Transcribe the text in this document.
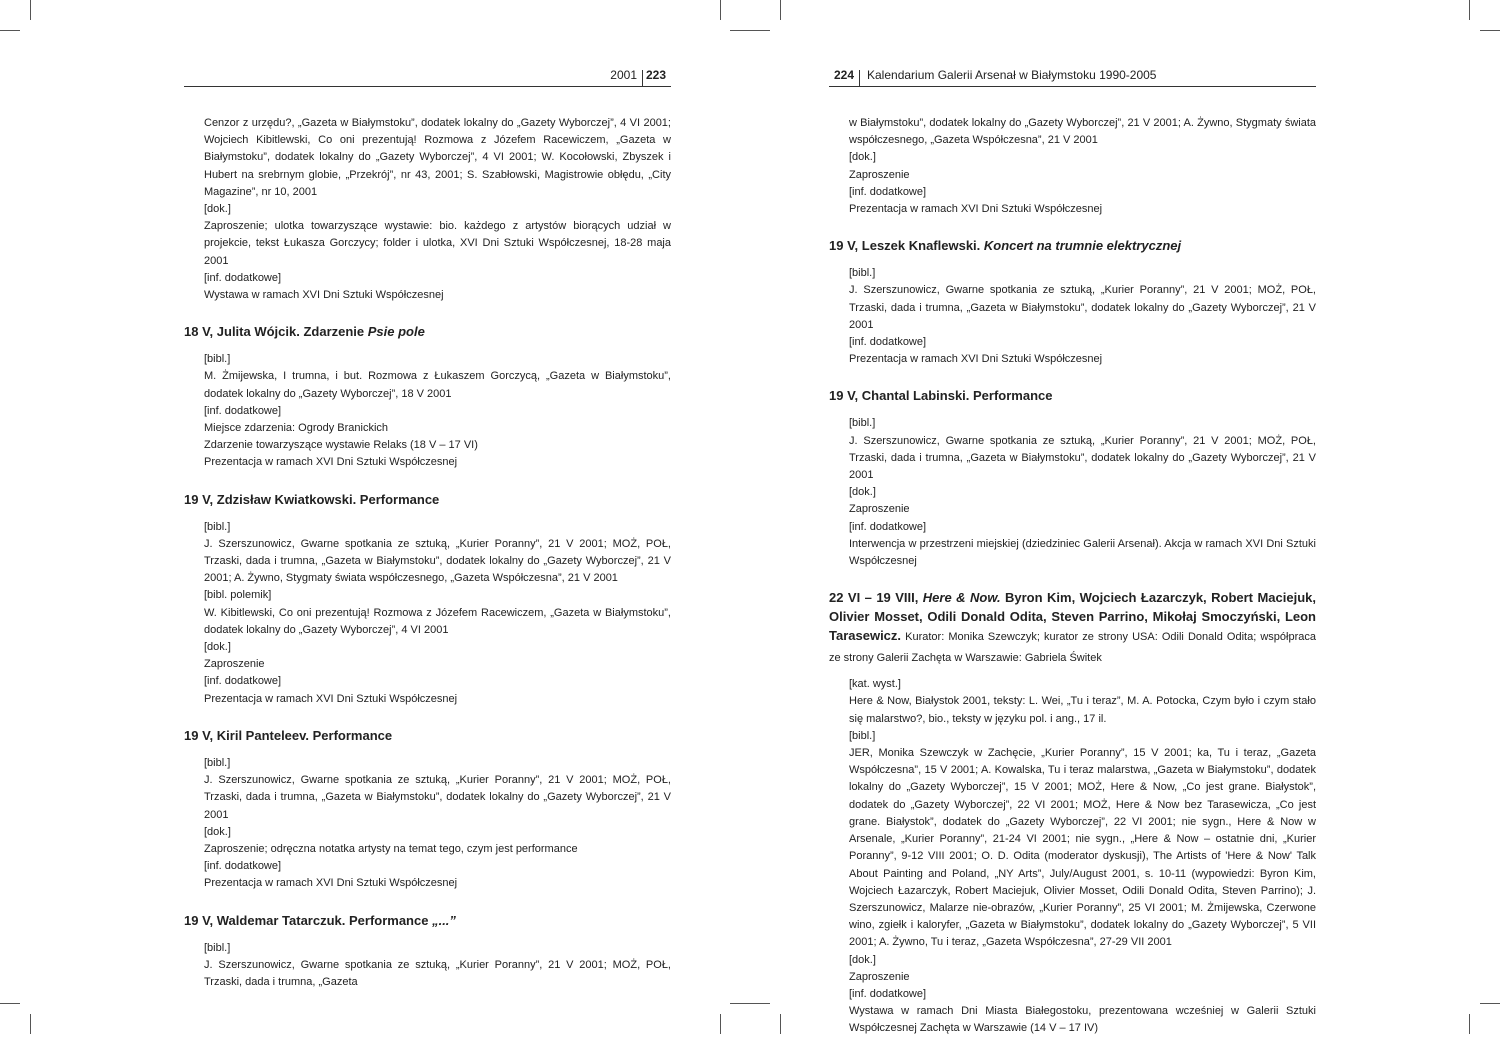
2001 223
Cenzor z urzędu?, „Gazeta w Białymstoku”, dodatek lokalny do „Gazety Wyborczej”, 4 VI 2001; Wojciech Kibitlewski, Co oni prezentują! Rozmowa z Józefem Racewiczem, „Gazeta w Białymstoku”, dodatek lokalny do „Gazety Wyborczej”, 4 VI 2001; W. Kocołowski, Zbyszek i Hubert na srebrnym globie, „Przekrój”, nr 43, 2001; S. Szabłowski, Magistrowie obłędu, „City Magazine”, nr 10, 2001
[dok.]
Zaproszenie; ulotka towarzyszące wystawie: bio. każdego z artystów biorących udział w projekcie, tekst Łukasza Gorczycy; folder i ulotka, XVI Dni Sztuki Współczesnej, 18-28 maja 2001
[inf. dodatkowe]
Wystawa w ramach XVI Dni Sztuki Współczesnej
18 V, Julita Wójcik. Zdarzenie Psie pole
[bibl.]
M. Żmijewska, I trumna, i but. Rozmowa z Łukaszem Gorczycą, „Gazeta w Białymstoku”, dodatek lokalny do „Gazety Wyborczej”, 18 V 2001
[inf. dodatkowe]
Miejsce zdarzenia: Ogrody Branickich
Zdarzenie towarzyszące wystawie Relaks (18 V – 17 VI)
Prezentacja w ramach XVI Dni Sztuki Współczesnej
19 V, Zdzisław Kwiatkowski. Performance
[bibl.]
J. Szerszunowicz, Gwarne spotkania ze sztuką, „Kurier Poranny”, 21 V 2001; MOŻ, POŁ, Trzaski, dada i trumna, „Gazeta w Białymstoku”, dodatek lokalny do „Gazety Wyborczej”, 21 V 2001; A. Żywno, Stygmaty świata współczesnego, „Gazeta Współczesna”, 21 V 2001
[bibl. polemik]
W. Kibitlewski, Co oni prezentują! Rozmowa z Józefem Racewiczem, „Gazeta w Białymstoku”, dodatek lokalny do „Gazety Wyborczej”, 4 VI 2001
[dok.]
Zaproszenie
[inf. dodatkowe]
Prezentacja w ramach XVI Dni Sztuki Współczesnej
19 V, Kiril Panteleev. Performance
[bibl.]
J. Szerszunowicz, Gwarne spotkania ze sztuką, „Kurier Poranny”, 21 V 2001; MOŻ, POŁ, Trzaski, dada i trumna, „Gazeta w Białymstoku”, dodatek lokalny do „Gazety Wyborczej”, 21 V 2001
[dok.]
Zaproszenie; odręczna notatka artysty na temat tego, czym jest performance
[inf. dodatkowe]
Prezentacja w ramach XVI Dni Sztuki Współczesnej
19 V, Waldemar Tatarczuk. Performance „...”
[bibl.]
J. Szerszunowicz, Gwarne spotkania ze sztuką, „Kurier Poranny”, 21 V 2001; MOŻ, POŁ, Trzaski, dada i trumna, „Gazeta
224 Kalendarium Galerii Arsenał w Białymstoku 1990-2005
w Białymstoku”, dodatek lokalny do „Gazety Wyborczej”, 21 V 2001; A. Żywno, Stygmaty świata współczesnego, „Gazeta Współczesna”, 21 V 2001
[dok.]
Zaproszenie
[inf. dodatkowe]
Prezentacja w ramach XVI Dni Sztuki Współczesnej
19 V, Leszek Knaflewski. Koncert na trumnie elektrycznej
[bibl.]
J. Szerszunowicz, Gwarne spotkania ze sztuką, „Kurier Poranny”, 21 V 2001; MOŻ, POŁ, Trzaski, dada i trumna, „Gazeta w Białymstoku”, dodatek lokalny do „Gazety Wyborczej”, 21 V 2001
[inf. dodatkowe]
Prezentacja w ramach XVI Dni Sztuki Współczesnej
19 V, Chantal Labinski. Performance
[bibl.]
J. Szerszunowicz, Gwarne spotkania ze sztuką, „Kurier Poranny”, 21 V 2001; MOŻ, POŁ, Trzaski, dada i trumna, „Gazeta w Białymstoku”, dodatek lokalny do „Gazety Wyborczej”, 21 V 2001
[dok.]
Zaproszenie
[inf. dodatkowe]
Interwencja w przestrzeni miejskiej (dziedziniec Galerii Arsenał). Akcja w ramach XVI Dni Sztuki Współczesnej
22 VI – 19 VIII, Here & Now. Byron Kim, Wojciech Łazarczyk, Robert Maciejuk, Olivier Mosset, Odili Donald Odita, Steven Parrino, Mikołaj Smoczyński, Leon Tarasewicz. Kurator: Monika Szewczyk; kurator ze strony USA: Odili Donald Odita; współpraca ze strony Galerii Zachęta w Warszawie: Gabriela Świtek
[kat. wyst.]
Here & Now, Białystok 2001, teksty: L. Wei, „Tu i teraz”, M. A. Potocka, Czym było i czym stało się malarstwo?, bio., teksty w języku pol. i ang., 17 il.
[bibl.]
JER, Monika Szewczyk w Zachęcie, „Kurier Poranny”, 15 V 2001; ka, Tu i teraz, „Gazeta Współczesna”, 15 V 2001; A. Kowalska, Tu i teraz malarstwa, „Gazeta w Białymstoku”, dodatek lokalny do „Gazety Wyborczej”, 15 V 2001; MOŻ, Here & Now, „Co jest grane. Białystok”, dodatek do „Gazety Wyborczej”, 22 VI 2001; MOŻ, Here & Now bez Tarasewicza, „Co jest grane. Białystok”, dodatek do „Gazety Wyborczej”, 22 VI 2001; nie sygn., Here & Now w Arsenale, „Kurier Poranny”, 21-24 VI 2001; nie sygn., „Here & Now – ostatnie dni, „Kurier Poranny”, 9-12 VIII 2001; O. D. Odita (moderator dyskusji), The Artists of 'Here & Now' Talk About Painting and Poland, „NY Arts”, July/August 2001, s. 10-11 (wypowiedzi: Byron Kim, Wojciech Łazarczyk, Robert Maciejuk, Olivier Mosset, Odili Donald Odita, Steven Parrino); J. Szerszunowicz, Malarze nie-obrazów, „Kurier Poranny”, 25 VI 2001; M. Żmijewska, Czerwone wino, zgiełk i kaloryfer, „Gazeta w Białymstoku”, dodatek lokalny do „Gazety Wyborczej”, 5 VII 2001; A. Żywno, Tu i teraz, „Gazeta Współczesna”, 27-29 VII 2001
[dok.]
Zaproszenie
[inf. dodatkowe]
Wystawa w ramach Dni Miasta Białegostoku, prezentowana wcześniej w Galerii Sztuki Współczesnej Zachęta w Warszawie (14 V – 17 IV)
